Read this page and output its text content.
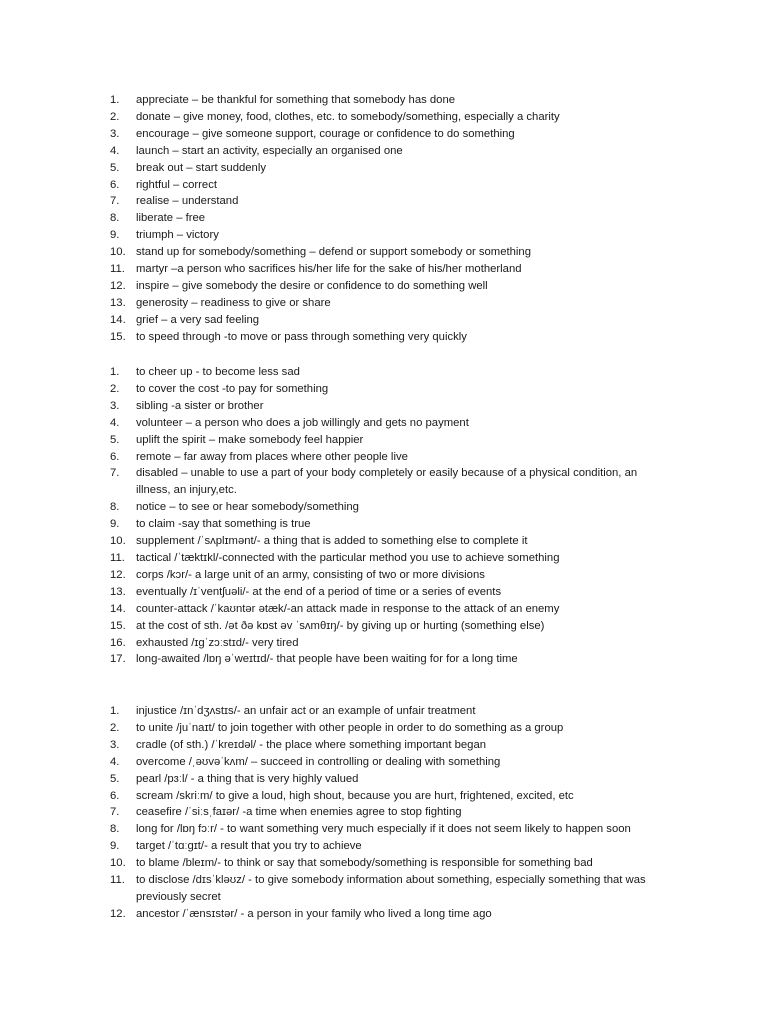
1.	appreciate – be thankful for something that somebody has done
2.	donate – give money, food, clothes, etc. to somebody/something, especially a charity
3.	encourage – give someone support, courage or confidence to do something
4.	launch – start an activity, especially an organised one
5.	break out – start suddenly
6.	rightful – correct
7.	realise – understand
8.	liberate – free
9.	triumph – victory
10. stand up for somebody/something – defend or support somebody or something
11. martyr –a person who sacrifices his/her life for the sake of his/her motherland
12. inspire – give somebody the desire or confidence to do something well
13. generosity – readiness to give or share
14. grief – a very sad feeling
15. to speed through -to move or pass through something very quickly
1.	to cheer up - to become less sad
2.	to cover the cost -to pay for something
3.	sibling -a sister or brother
4.	volunteer – a person who does a job willingly and gets no payment
5.	uplift the spirit – make somebody feel happier
6.	remote – far away from places where other people live
7.	disabled – unable to use a part of your body completely or easily because of a physical condition, an illness, an injury,etc.
8.	notice – to see or hear somebody/something
9.	to claim -say that something is true
10. supplement /ˈsʌplɪmənt/- a thing that is added to something else to complete it
11. tactical /ˈtæktɪkl/-connected with the particular method you use to achieve something
12. corps /kɔr/- a large unit of an army, consisting of two or more divisions
13. eventually /ɪˈventʃuəli/- at the end of a period of time or a series of events
14. counter-attack /ˈkaʊntər ətæk/-an attack made in response to the attack of an enemy
15. at the cost of sth. /ət ðə kɒst əv ˈsʌmθɪŋ/- by giving up or hurting (something else)
16. exhausted /ɪɡˈzɔːstɪd/- very tired
17. long-awaited /lɒŋ əˈweɪtɪd/- that people have been waiting for for a long time
1.	injustice /ɪnˈdʒʌstɪs/- an unfair act or an example of unfair treatment
2.	to unite /juˈnaɪt/ to join together with other people in order to do something as a group
3.	cradle (of sth.) /ˈkreɪdəl/ - the place where something important began
4.	overcome /ˌəʊvəˈkʌm/ – succeed in controlling or dealing with something
5.	pearl /pɜːl/ - a thing that is very highly valued
6.	scream /skriːm/ to give a loud, high shout, because you are hurt, frightened, excited, etc
7.	ceasefire /ˈsiːsˌfaɪər/ -a time when enemies agree to stop fighting
8.	long for /lɒŋ fɔːr/ - to want something very much especially if it does not seem likely to happen soon
9.	target /ˈtɑːɡɪt/- a result that you try to achieve
10. to blame /bleɪm/- to think or say that somebody/something is responsible for something bad
11. to disclose /dɪsˈkləʊz/ - to give somebody information about something, especially something that was previously secret
12. ancestor /ˈænsɪstər/ - a person in your family who lived a long time ago
